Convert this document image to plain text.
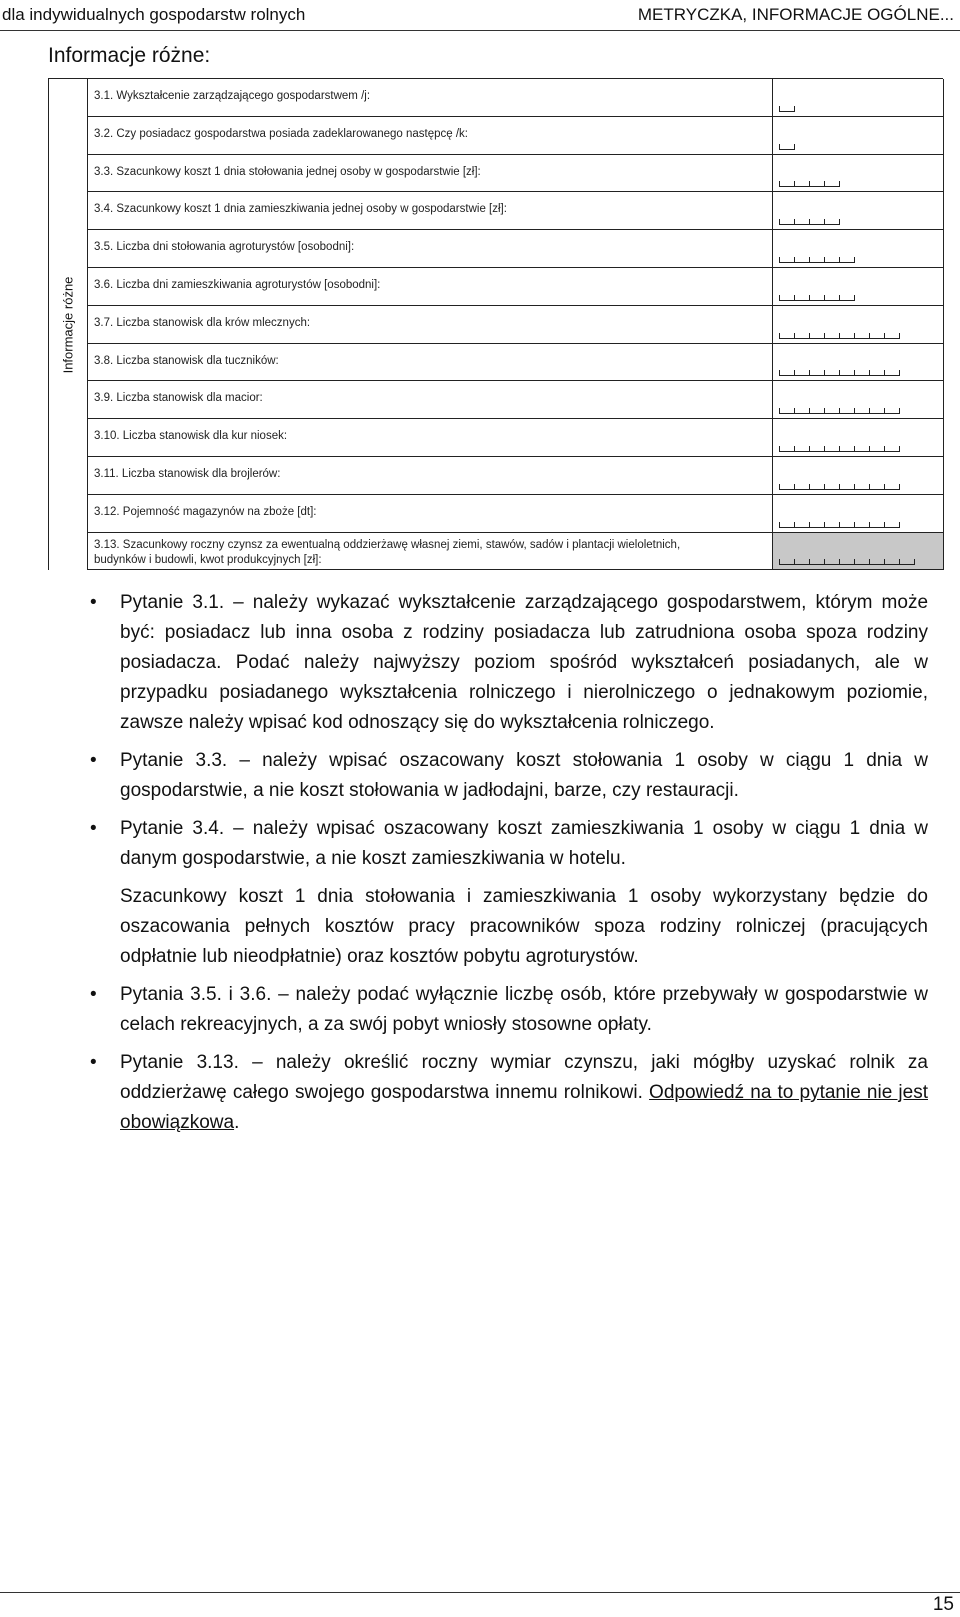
dla indywidualnych gospodarstw rolnych	METRYCZKA, INFORMACJE OGÓLNE...
Informacje różne:
Informacje różne
3.1. Wykształcenie zarządzającego gospodarstwem /j:
3.2. Czy posiadacz gospodarstwa posiada zadeklarowanego następcę /k:
3.3. Szacunkowy koszt 1 dnia stołowania jednej osoby w gospodarstwie [zł]:
3.4. Szacunkowy koszt 1 dnia zamieszkiwania jednej osoby w gospodarstwie [zł]:
3.5. Liczba dni stołowania agroturystów [osobodni]:
3.6. Liczba dni zamieszkiwania agroturystów [osobodni]:
3.7. Liczba stanowisk dla krów mlecznych:
3.8. Liczba stanowisk dla tuczników:
3.9. Liczba stanowisk dla macior:
3.10. Liczba stanowisk dla kur niosek:
3.11. Liczba stanowisk dla brojlerów:
3.12. Pojemność magazynów na zboże [dt]:
3.13. Szacunkowy roczny czynsz za ewentualną oddzierżawę własnej ziemi, stawów, sadów i plantacji wieloletnich, budynków i budowli, kwot produkcyjnych [zł]:
• Pytanie 3.1. – należy wykazać wykształcenie zarządzającego gospodarstwem, którym może być: posiadacz lub inna osoba z rodziny posiadacza lub zatrudniona osoba spoza rodziny posiadacza. Podać należy najwyższy poziom spośród wykształceń posiadanych, ale w przypadku posiadanego wykształcenia rolniczego i nierolniczego o jednakowym poziomie, zawsze należy wpisać kod odnoszący się do wykształcenia rolniczego.
• Pytanie 3.3. – należy wpisać oszacowany koszt stołowania 1 osoby w ciągu 1 dnia w gospodarstwie, a nie koszt stołowania w jadłodajni, barze, czy restauracji.
• Pytanie 3.4. – należy wpisać oszacowany koszt zamieszkiwania 1 osoby w ciągu 1 dnia w danym gospodarstwie, a nie koszt zamieszkiwania w hotelu.
Szacunkowy koszt 1 dnia stołowania i zamieszkiwania 1 osoby wykorzystany będzie do oszacowania pełnych kosztów pracy pracowników spoza rodziny rolniczej (pracujących odpłatnie lub nieodpłatnie) oraz kosztów pobytu agroturystów.
• Pytania 3.5. i 3.6. – należy podać wyłącznie liczbę osób, które przebywały w gospodarstwie w celach rekreacyjnych, a za swój pobyt wniosły stosowne opłaty.
• Pytanie 3.13. – należy określić roczny wymiar czynszu, jaki mógłby uzyskać rolnik za oddzierżawę całego swojego gospodarstwa innemu rolnikowi. Odpowiedź na to pytanie nie jest obowiązkowa.
15
